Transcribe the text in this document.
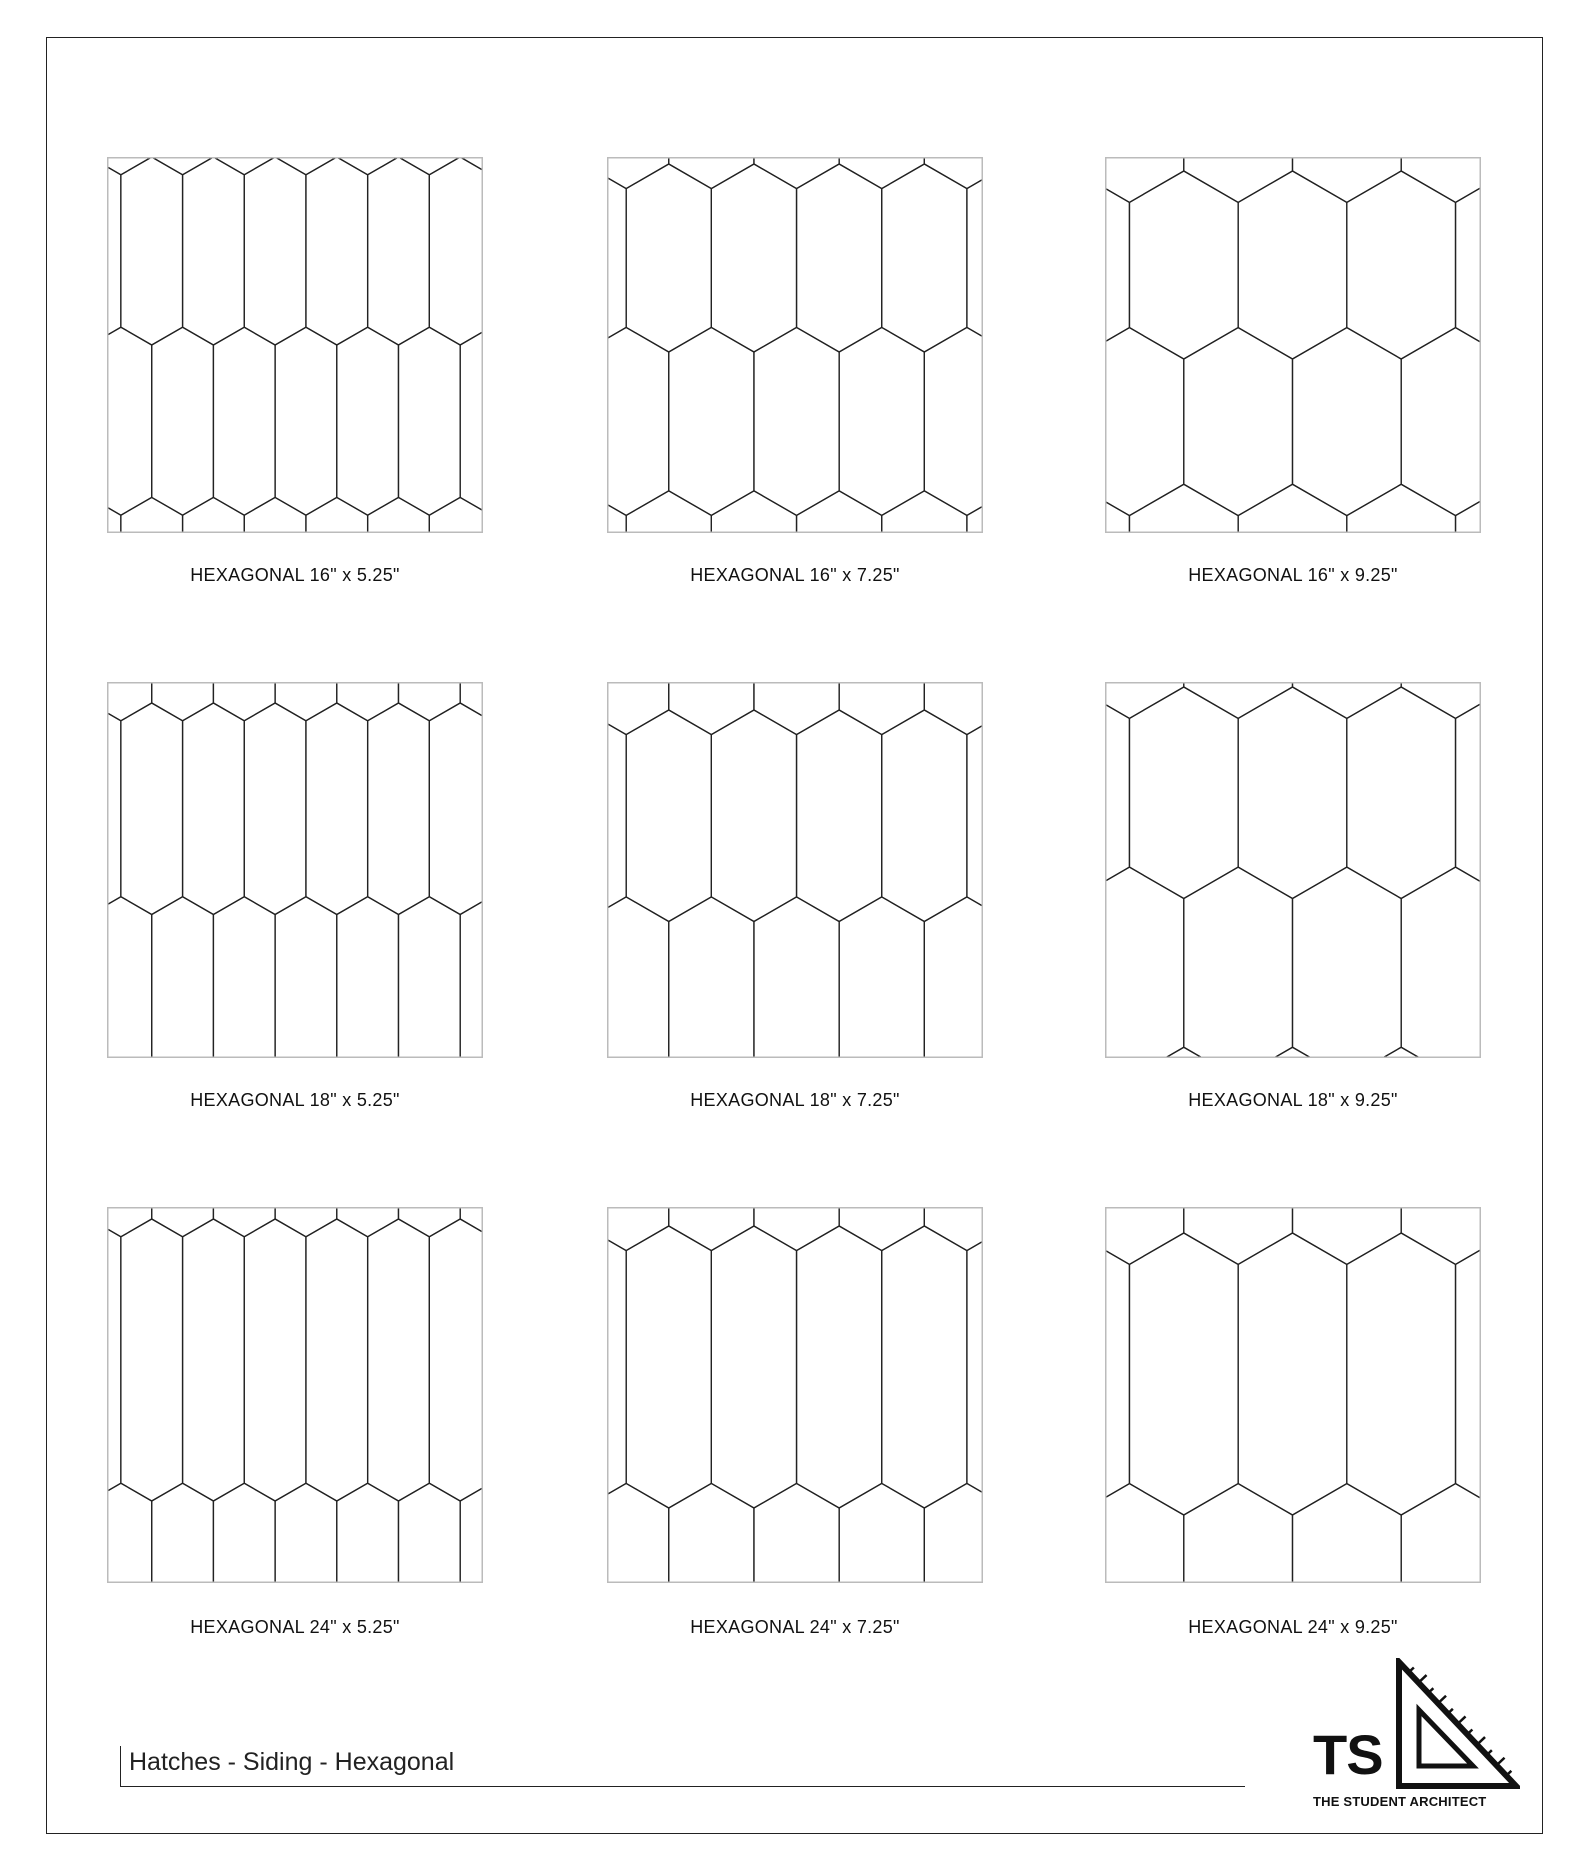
HEXAGONAL 16" x 5.25"	HEXAGONAL 16" x 7.25"	HEXAGONAL 16" x 9.25"
HEXAGONAL 18" x 5.25"	HEXAGONAL 18" x 7.25"	HEXAGONAL 18" x 9.25"
HEXAGONAL 24" x 5.25"	HEXAGONAL 24" x 7.25"	HEXAGONAL 24" x 9.25"
Hatches - Siding - Hexagonal	TS
THE STUDENT ARCHITECT
